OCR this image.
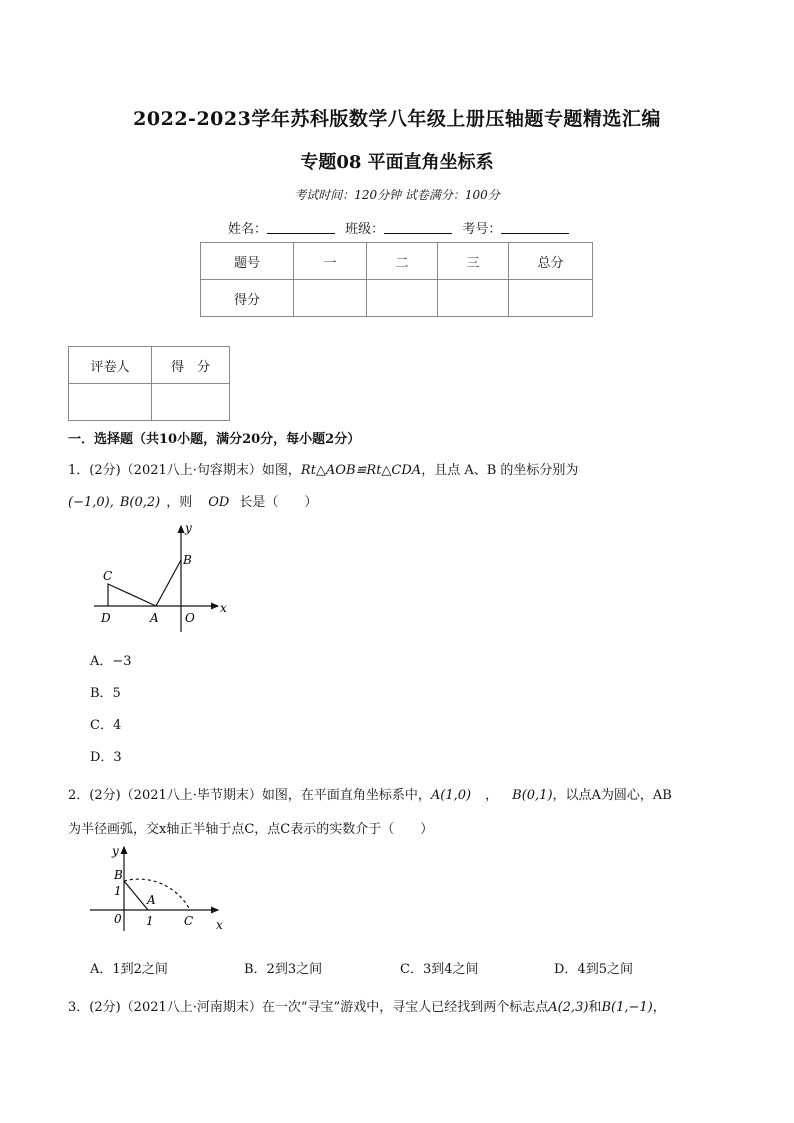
2022-2023学年苏科版数学八年级上册压轴题专题精选汇编
专题08 平面直角坐标系
考试时间：120分钟 试卷满分：100分
姓名：	班级：	考号：
题号	一	二	三	总分
得分				
评卷人	得　分

一．选择题（共10小题，满分20分，每小题2分）
1．(2分)（2021八上·句容期末）如图，Rt△AOB≌Rt△CDA，且点 A、B 的坐标分别为
(−1,0), B(0,2) ，则 OD 长是（　　）
y
x
B
C
D	A O
A．−3
B．5
C．4
D．3
2．(2分)（2021八上·毕节期末）如图，在平面直角坐标系中，A(1,0) ， B(0,1)，以点A为圆心，AB
为半径画弧，交x轴正半轴于点C，点C表示的实数介于（　　）
y
x
B
1
A
0 1	C
A．1到2之间	B．2到3之间	C．3到4之间	D．4到5之间
3．(2分)（2021八上·河南期末）在一次“寻宝”游戏中，寻宝人已经找到两个标志点A(2,3)和B(1,−1)，
